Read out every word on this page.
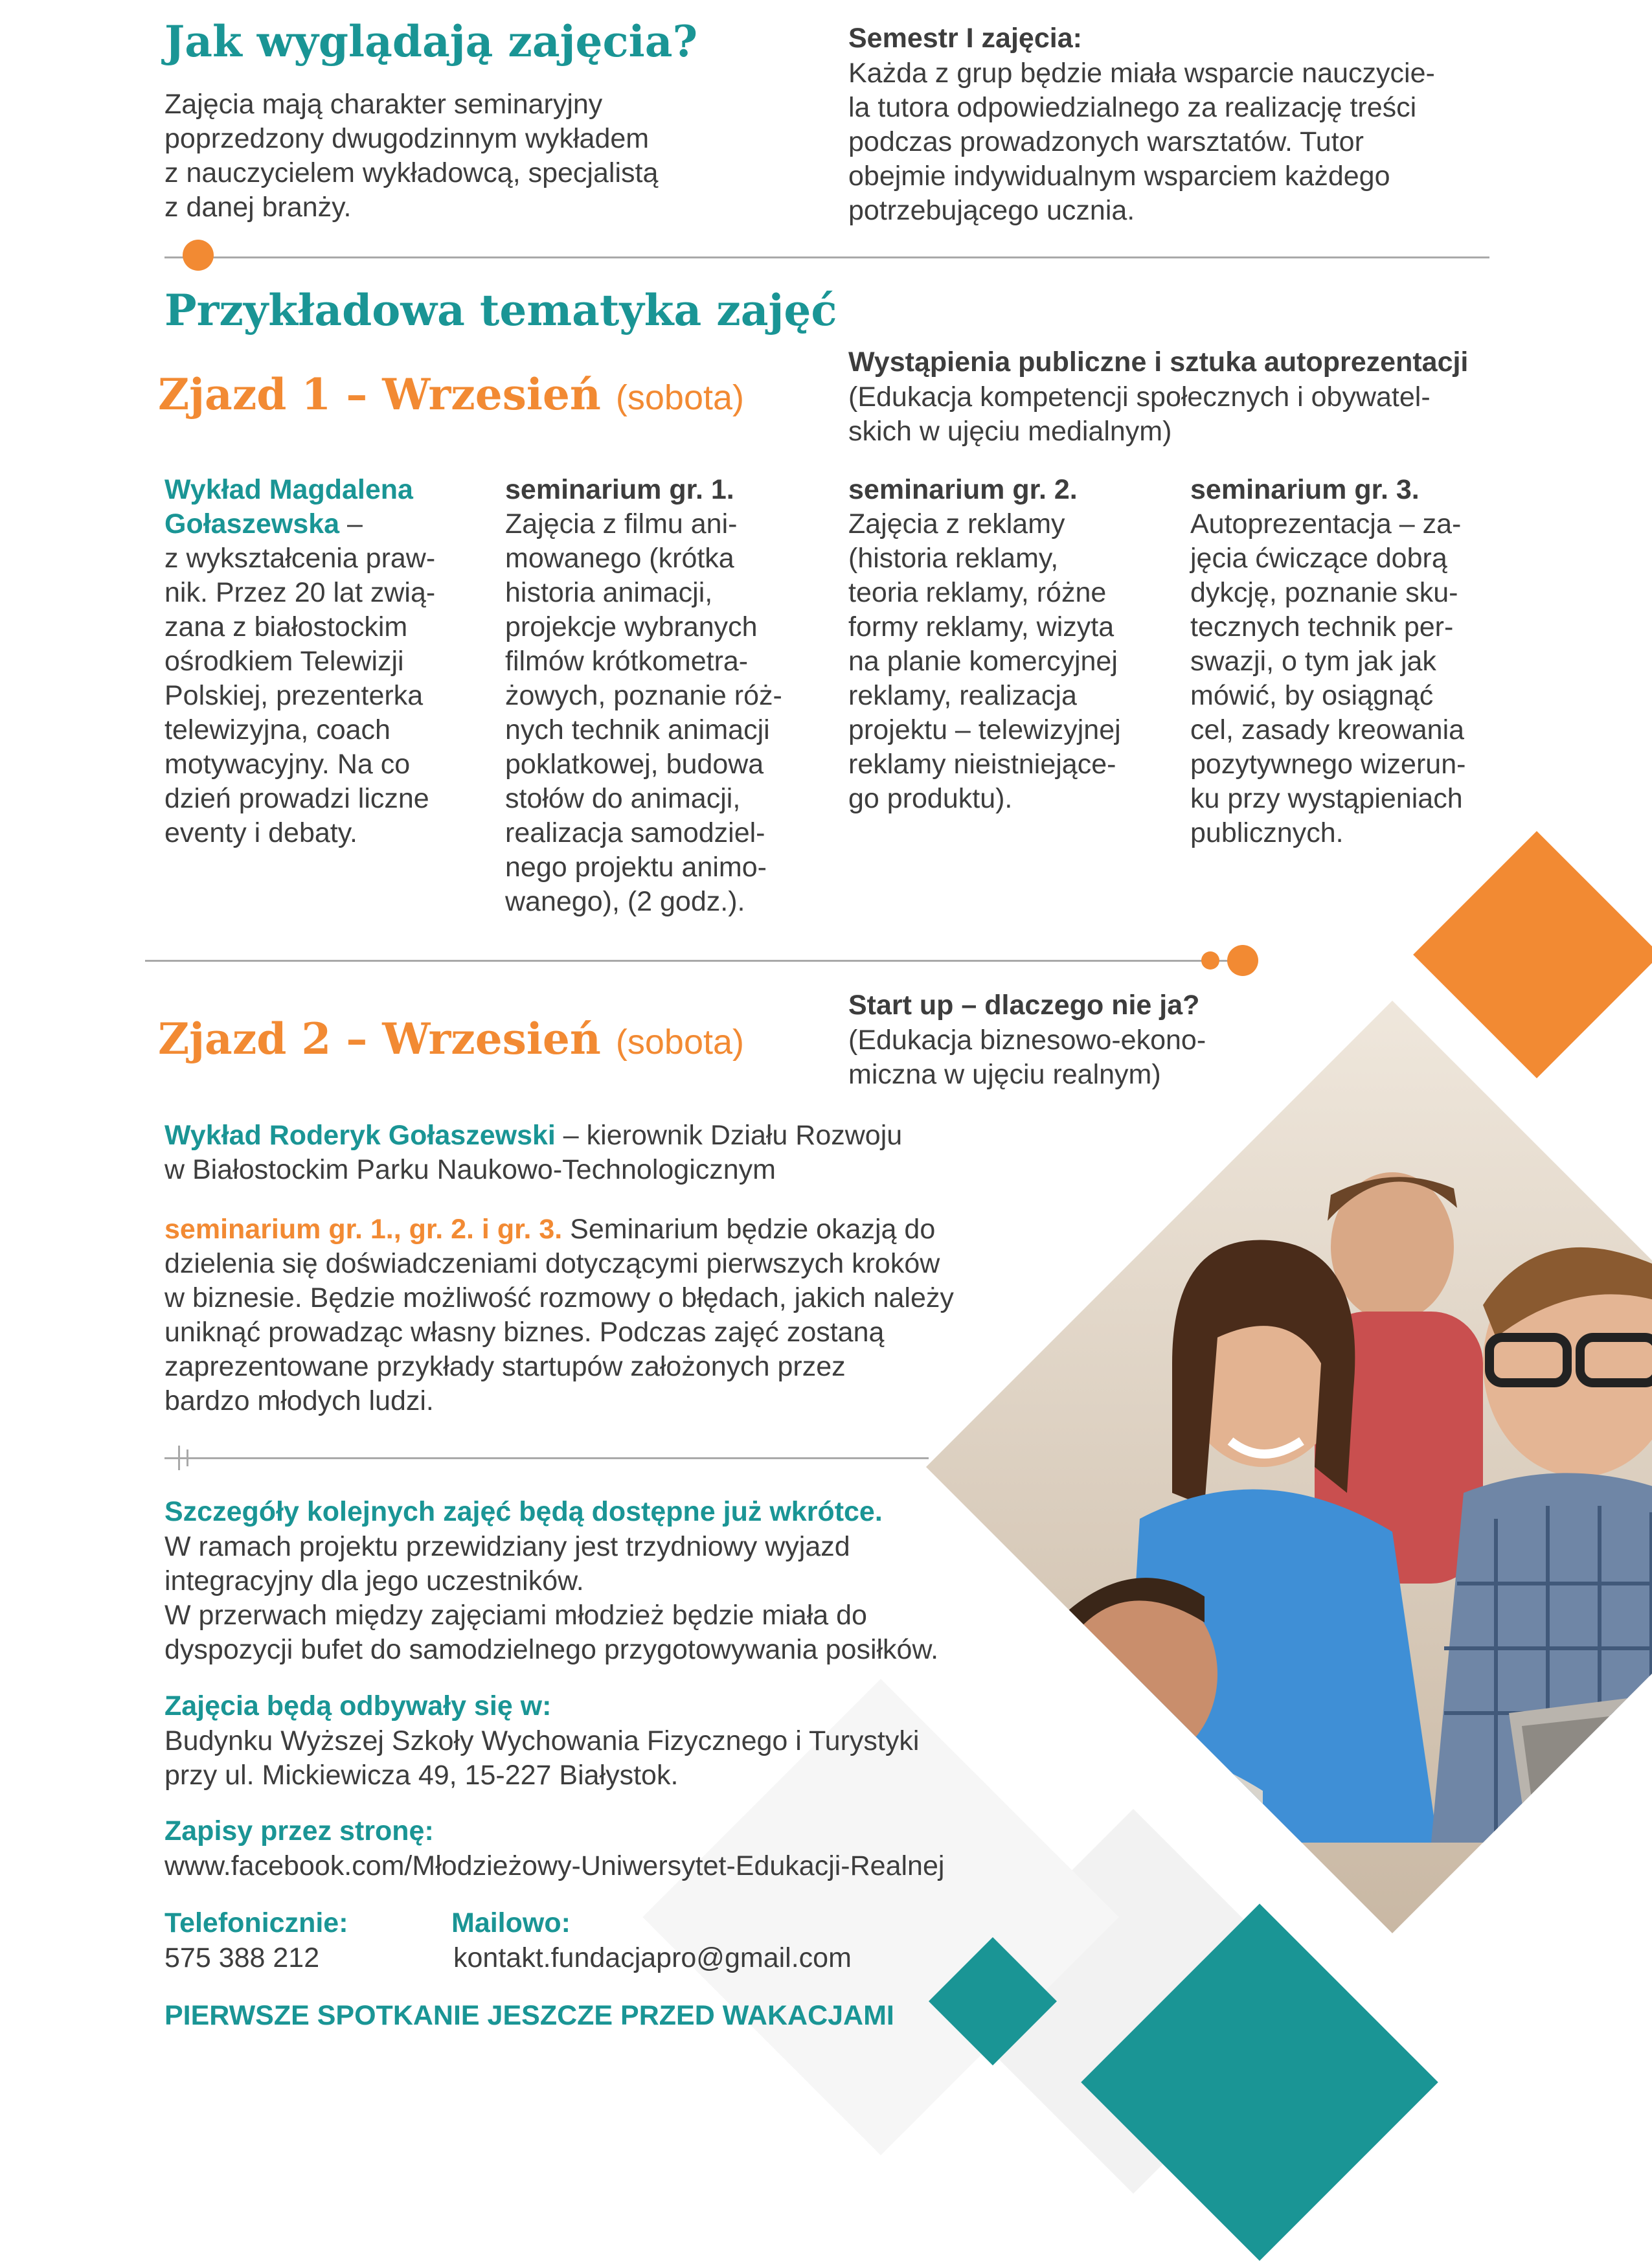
Jak wyglądają zajęcia?
Zajęcia mają charakter seminaryjny
poprzedzony dwugodzinnym wykładem
z nauczycielem wykładowcą, specjalistą
z danej branży.
Semestr I zajęcia:
Każda z grup będzie miała wsparcie nauczycie-
la tutora odpowiedzialnego za realizację treści
podczas prowadzonych warsztatów. Tutor
obejmie indywidualnym wsparciem każdego
potrzebującego ucznia.
Przykładowa tematyka zajęć
Zjazd 1 – Wrzesień (sobota)
Wystąpienia publiczne i sztuka autoprezentacji
(Edukacja kompetencji społecznych i obywatel-
skich w ujęciu medialnym)
Wykład Magdalena
Gołaszewska –
z wykształcenia praw-
nik. Przez 20 lat zwią-
zana z białostockim
ośrodkiem Telewizji
Polskiej, prezenterka
telewizyjna, coach
motywacyjny. Na co
dzień prowadzi liczne
eventy i debaty.
seminarium gr. 1.
Zajęcia z filmu ani-
mowanego (krótka
historia animacji,
projekcje wybranych
filmów krótkometra-
żowych, poznanie róż-
nych technik animacji
poklatkowej, budowa
stołów do animacji,
realizacja samodziel-
nego projektu animo-
wanego), (2 godz.).
seminarium gr. 2.
Zajęcia z reklamy
(historia reklamy,
teoria reklamy, różne
formy reklamy, wizyta
na planie komercyjnej
reklamy, realizacja
projektu – telewizyjnej
reklamy nieistniejące-
go produktu).
seminarium gr. 3.
Autoprezentacja – za-
jęcia ćwiczące dobrą
dykcję, poznanie sku-
tecznych technik per-
swazji, o tym jak jak
mówić, by osiągnąć
cel, zasady kreowania
pozytywnego wizerun-
ku przy wystąpieniach
publicznych.
Zjazd 2 – Wrzesień (sobota)
Start up – dlaczego nie ja?
(Edukacja biznesowo-ekono-
miczna w ujęciu realnym)
Wykład Roderyk Gołaszewski – kierownik Działu Rozwoju
w Białostockim Parku Naukowo-Technologicznym
seminarium gr. 1., gr. 2. i gr. 3. Seminarium będzie okazją do
dzielenia się doświadczeniami dotyczącymi pierwszych kroków
w biznesie. Będzie możliwość rozmowy o błędach, jakich należy
uniknąć prowadząc własny biznes. Podczas zajęć zostaną
zaprezentowane przykłady startupów założonych przez
bardzo młodych ludzi.
Szczegóły kolejnych zajęć będą dostępne już wkrótce.
W ramach projektu przewidziany jest trzydniowy wyjazd
integracyjny dla jego uczestników.
W przerwach między zajęciami młodzież będzie miała do
dyspozycji bufet do samodzielnego przygotowywania posiłków.
Zajęcia będą odbywały się w:
Budynku Wyższej Szkoły Wychowania Fizycznego i Turystyki
przy ul. Mickiewicza 49, 15-227 Białystok.
Zapisy przez stronę:
www.facebook.com/Młodzieżowy-Uniwersytet-Edukacji-Realnej
Telefonicznie:
575 388 212
Mailowo:
kontakt.fundacjapro@gmail.com
PIERWSZE SPOTKANIE JESZCZE PRZED WAKACJAMI
